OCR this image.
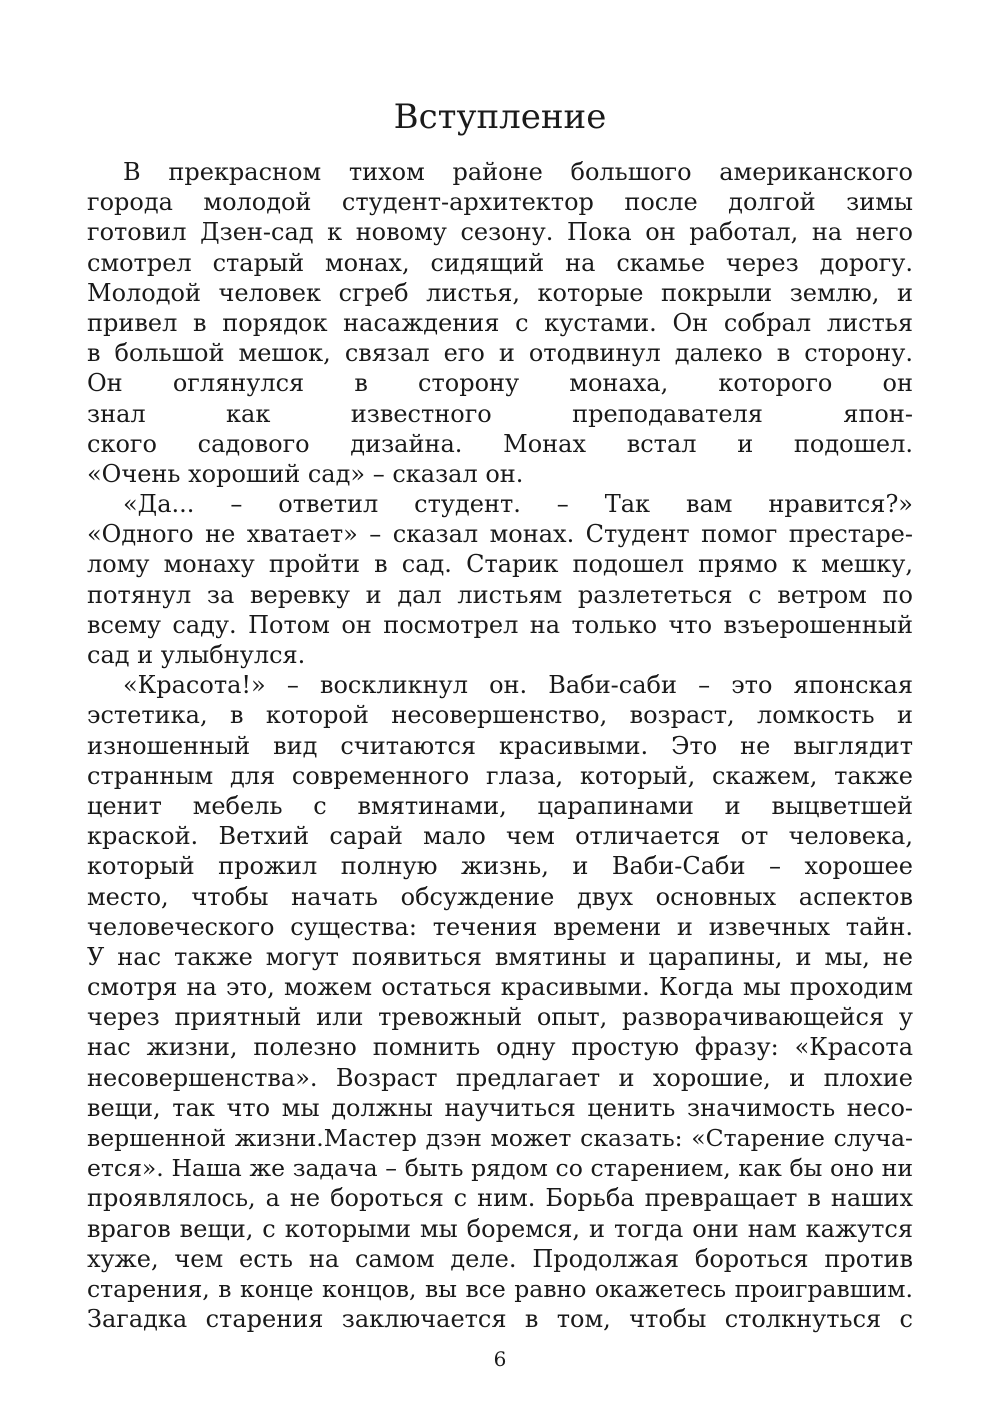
Вступление
В прекрасном тихом районе большого американского
города молодой студент-архитектор после долгой зимы
готовил Дзен-сад к новому сезону. Пока он работал, на него
смотрел старый монах, сидящий на скамье через дорогу.
Молодой человек сгреб листья, которые покрыли землю, и
привел в порядок насаждения с кустами. Он собрал листья
в большой мешок, связал его и отодвинул далеко в сторону.
Он оглянулся в сторону монаха, которого он
знал как известного преподавателя япон-
ского садового дизайна. Монах встал и подошел.
«Очень хороший сад» – сказал он.
«Да... – ответил студент. – Так вам нравится?»
«Одного не хватает» – сказал монах. Студент помог престаре-
лому монаху пройти в сад. Старик подошел прямо к мешку,
потянул за веревку и дал листьям разлететься с ветром по
всему саду. Потом он посмотрел на только что взъерошенный
сад и улыбнулся.
«Красота!» – воскликнул он. Ваби-саби – это японская
эстетика, в которой несовершенство, возраст, ломкость и
изношенный вид считаются красивыми. Это не выглядит
странным для современного глаза, который, скажем, также
ценит мебель с вмятинами, царапинами и выцветшей
краской. Ветхий сарай мало чем отличается от человека,
который прожил полную жизнь, и Ваби-Саби – хорошее
место, чтобы начать обсуждение двух основных аспектов
человеческого существа: течения времени и извечных тайн.
У нас также могут появиться вмятины и царапины, и мы, не
смотря на это, можем остаться красивыми. Когда мы проходим
через приятный или тревожный опыт, разворачивающейся у
нас жизни, полезно помнить одну простую фразу: «Красота
несовершенства». Возраст предлагает и хорошие, и плохие
вещи, так что мы должны научиться ценить значимость несо-
вершенной жизни.Мастер дзэн может сказать: «Старение случа-
ется». Наша же задача – быть рядом со старением, как бы оно ни
проявлялось, а не бороться с ним. Борьба превращает в наших
врагов вещи, с которыми мы боремся, и тогда они нам кажутся
хуже, чем есть на самом деле. Продолжая бороться против
старения, в конце концов, вы все равно окажетесь проигравшим.
Загадка старения заключается в том, чтобы столкнуться с
6
